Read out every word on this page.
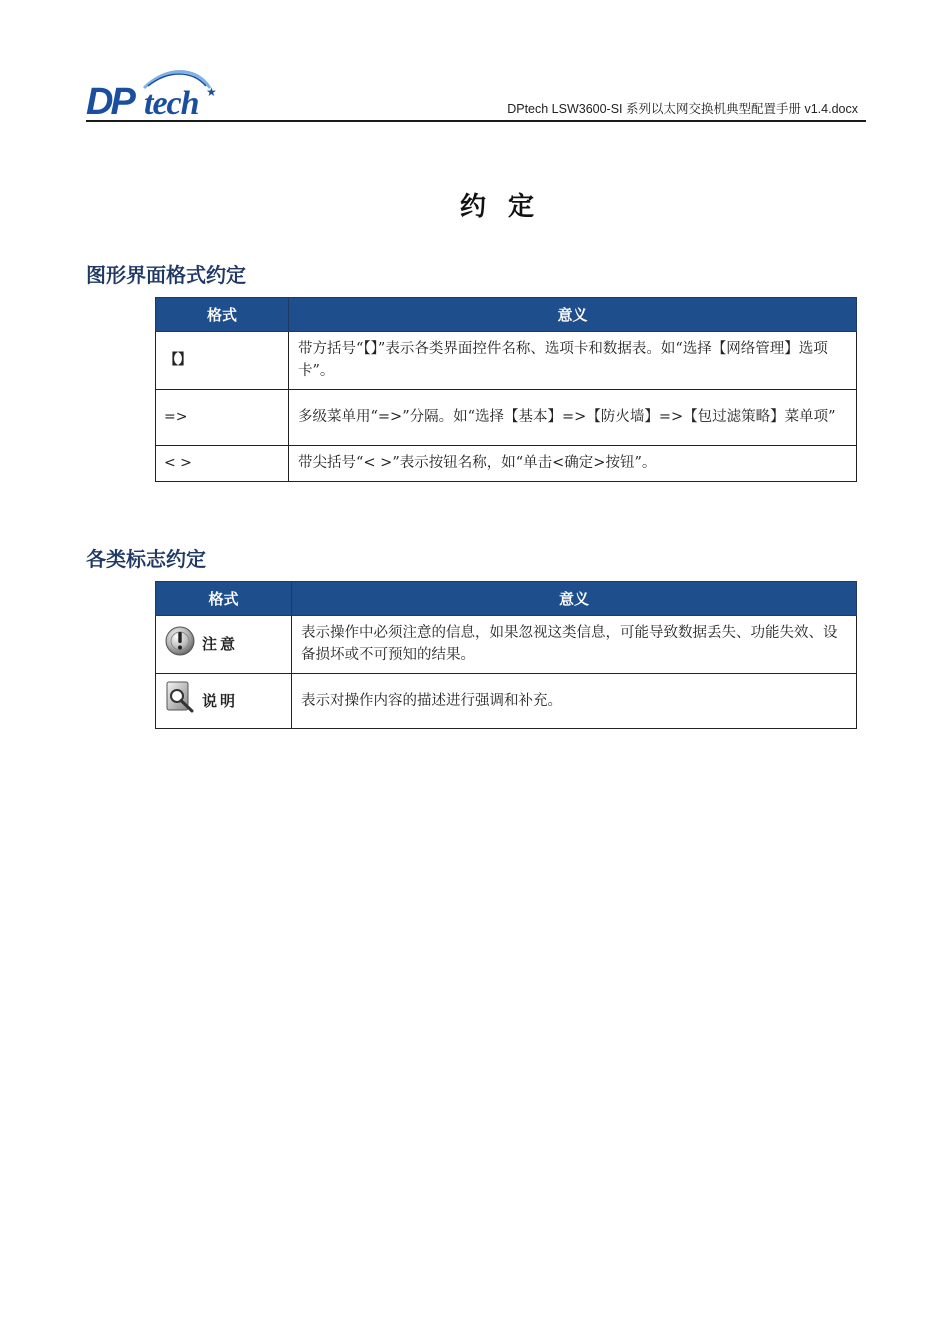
★
DP tech	DPtech LSW3600-SI 系列以太网交换机典型配置手册 v1.4.docx
约定
图形界面格式约定
格式	意义
【】	带方括号“【】”表示各类界面控件名称、选项卡和数据表。如“选择【网络管理】选项卡”。
=>	多级菜单用“=>”分隔。如“选择【基本】=>【防火墙】=>【包过滤策略】菜单项”
< >	带尖括号“< >”表示按钮名称，如“单击<确定>按钮”。
各类标志约定
格式	意义

注意	表示操作中必须注意的信息，如果忽视这类信息，可能导致数据丢失、功能失效、设备损坏或不可预知的结果。

说明	表示对操作内容的描述进行强调和补充。
